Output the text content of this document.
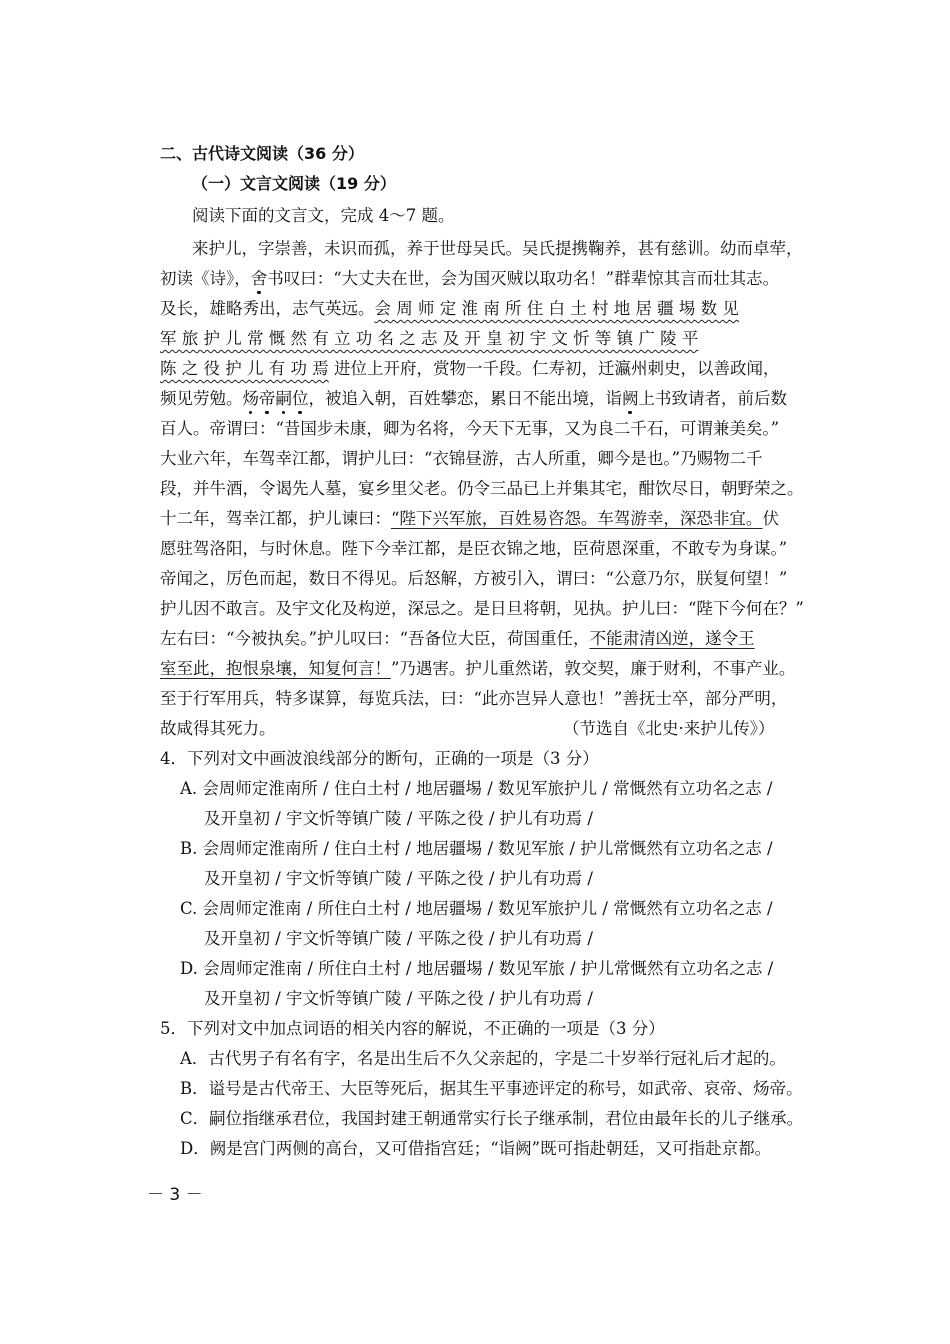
二、古代诗文阅读（36 分）
（一）文言文阅读（19 分）
阅读下面的文言文，完成 4～7 题。
来护儿，字崇善，未识而孤，养于世母吴氏。吴氏提携鞠养，甚有慈训。幼而卓荦，
初读《诗》，舍书叹曰：“大丈夫在世，会为国灭贼以取功名！”群辈惊其言而壮其志。
及长，雄略秀出，志气英远。会 周 师 定 淮 南 所 住 白 土 村 地 居 疆 埸 数 见
军 旅 护 儿 常 慨 然 有 立 功 名 之 志 及 开 皇 初 宇 文 忻 等 镇 广 陵 平
陈 之 役 护 儿 有 功 焉 进位上开府，赏物一千段。仁寿初，迁瀛州刺史，以善政闻，
频见劳勉。炀帝嗣位，被追入朝，百姓攀恋，累日不能出境，诣阙上书致请者，前后数
百人。帝谓曰：“昔国步未康，卿为名将，今天下无事，又为良二千石，可谓兼美矣。”
大业六年，车驾幸江都，谓护儿曰：“衣锦昼游，古人所重，卿今是也。”乃赐物二千
段，并牛酒，令谒先人墓，宴乡里父老。仍令三品已上并集其宅，酣饮尽日，朝野荣之。
十二年，驾幸江都，护儿谏曰：“陛下兴军旅，百姓易咨怨。车驾游幸，深恐非宜。伏
愿驻驾洛阳，与时休息。陛下今幸江都，是臣衣锦之地，臣荷恩深重，不敢专为身谋。”
帝闻之，厉色而起，数日不得见。后怒解，方被引入，谓曰：“公意乃尔，朕复何望！”
护儿因不敢言。及宇文化及构逆，深忌之。是日旦将朝，见执。护儿曰：“陛下今何在？”
左右曰：“今被执矣。”护儿叹曰：“吾备位大臣，荷国重任，不能肃清凶逆，遂令王
室至此，抱恨泉壤，知复何言！”乃遇害。护儿重然诺，敦交契，廉于财利，不事产业。
至于行军用兵，特多谋算，每览兵法，曰：“此亦岂异人意也！”善抚士卒，部分严明，
故咸得其死力。	（节选自《北史·来护儿传》）
4．下列对文中画波浪线部分的断句，正确的一项是（3 分）
A. 会周师定淮南所 / 住白土村 / 地居疆埸 / 数见军旅护儿 / 常慨然有立功名之志 /
及开皇初 / 宇文忻等镇广陵 / 平陈之役 / 护儿有功焉 /
B. 会周师定淮南所 / 住白土村 / 地居疆埸 / 数见军旅 / 护儿常慨然有立功名之志 /
及开皇初 / 宇文忻等镇广陵 / 平陈之役 / 护儿有功焉 /
C. 会周师定淮南 / 所住白土村 / 地居疆埸 / 数见军旅护儿 / 常慨然有立功名之志 /
及开皇初 / 宇文忻等镇广陵 / 平陈之役 / 护儿有功焉 /
D. 会周师定淮南 / 所住白土村 / 地居疆埸 / 数见军旅 / 护儿常慨然有立功名之志 /
及开皇初 / 宇文忻等镇广陵 / 平陈之役 / 护儿有功焉 /
5．下列对文中加点词语的相关内容的解说，不正确的一项是（3 分）
A．古代男子有名有字，名是出生后不久父亲起的，字是二十岁举行冠礼后才起的。
B．谥号是古代帝王、大臣等死后，据其生平事迹评定的称号，如武帝、哀帝、炀帝。
C．嗣位指继承君位，我国封建王朝通常实行长子继承制，君位由最年长的儿子继承。
D．阙是宫门两侧的高台，又可借指宫廷；“诣阙”既可指赴朝廷，又可指赴京都。
－ 3 －
